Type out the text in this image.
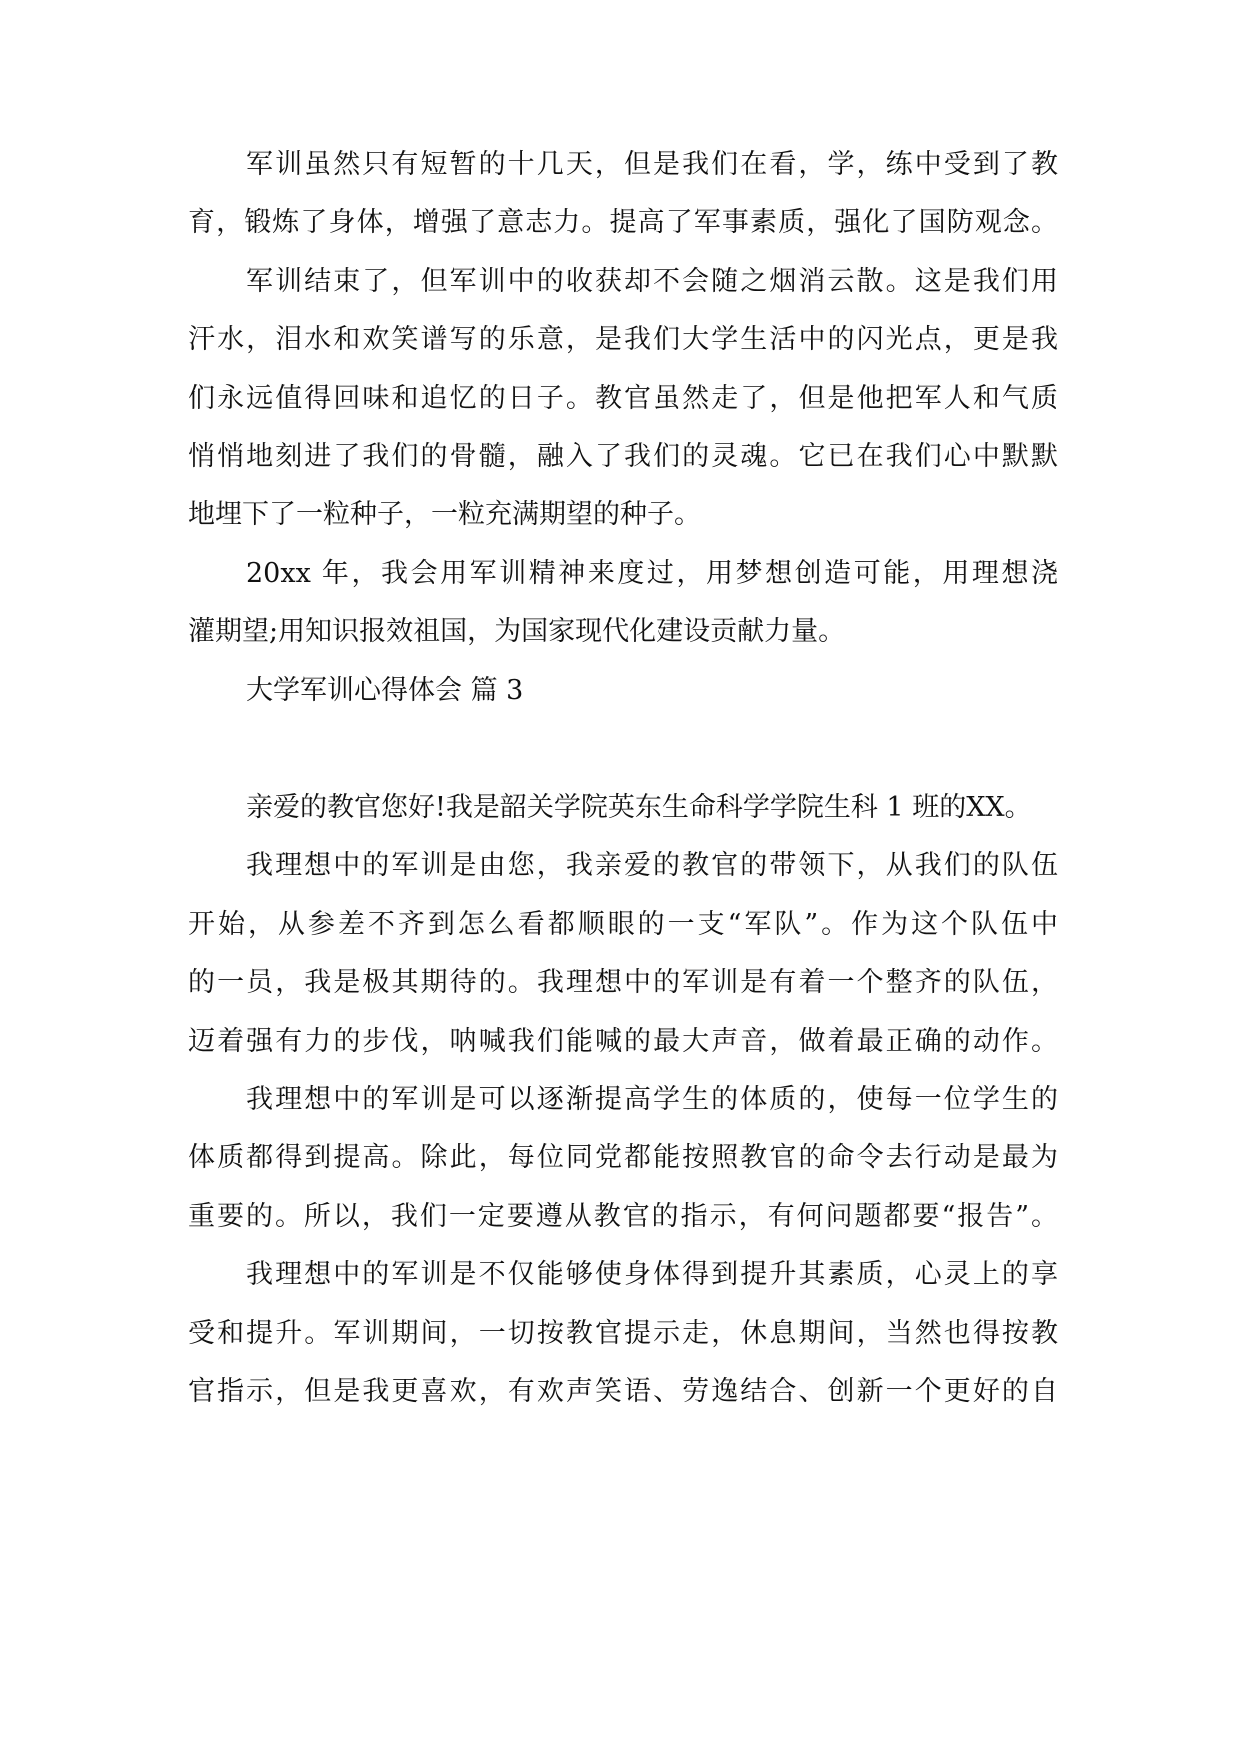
军训虽然只有短暂的十几天，但是我们在看，学，练中受到了教
育，锻炼了身体，增强了意志力。提高了军事素质，强化了国防观念。
军训结束了，但军训中的收获却不会随之烟消云散。这是我们用
汗水，泪水和欢笑谱写的乐意，是我们大学生活中的闪光点，更是我
们永远值得回味和追忆的日子。教官虽然走了，但是他把军人和气质
悄悄地刻进了我们的骨髓，融入了我们的灵魂。它已在我们心中默默
地埋下了一粒种子，一粒充满期望的种子。
20xx 年，我会用军训精神来度过，用梦想创造可能，用理想浇
灌期望;用知识报效祖国，为国家现代化建设贡献力量。
大学军训心得体会 篇 3
亲爱的教官您好!我是韶关学院英东生命科学学院生科 1 班的XX。
我理想中的军训是由您，我亲爱的教官的带领下，从我们的队伍
开始，从参差不齐到怎么看都顺眼的一支“军队”。作为这个队伍中
的一员，我是极其期待的。我理想中的军训是有着一个整齐的队伍，
迈着强有力的步伐，呐喊我们能喊的最大声音，做着最正确的动作。
我理想中的军训是可以逐渐提高学生的体质的，使每一位学生的
体质都得到提高。除此，每位同党都能按照教官的命令去行动是最为
重要的。所以，我们一定要遵从教官的指示，有何问题都要“报告”。
我理想中的军训是不仅能够使身体得到提升其素质，心灵上的享
受和提升。军训期间，一切按教官提示走，休息期间，当然也得按教
官指示，但是我更喜欢，有欢声笑语、劳逸结合、创新一个更好的自
